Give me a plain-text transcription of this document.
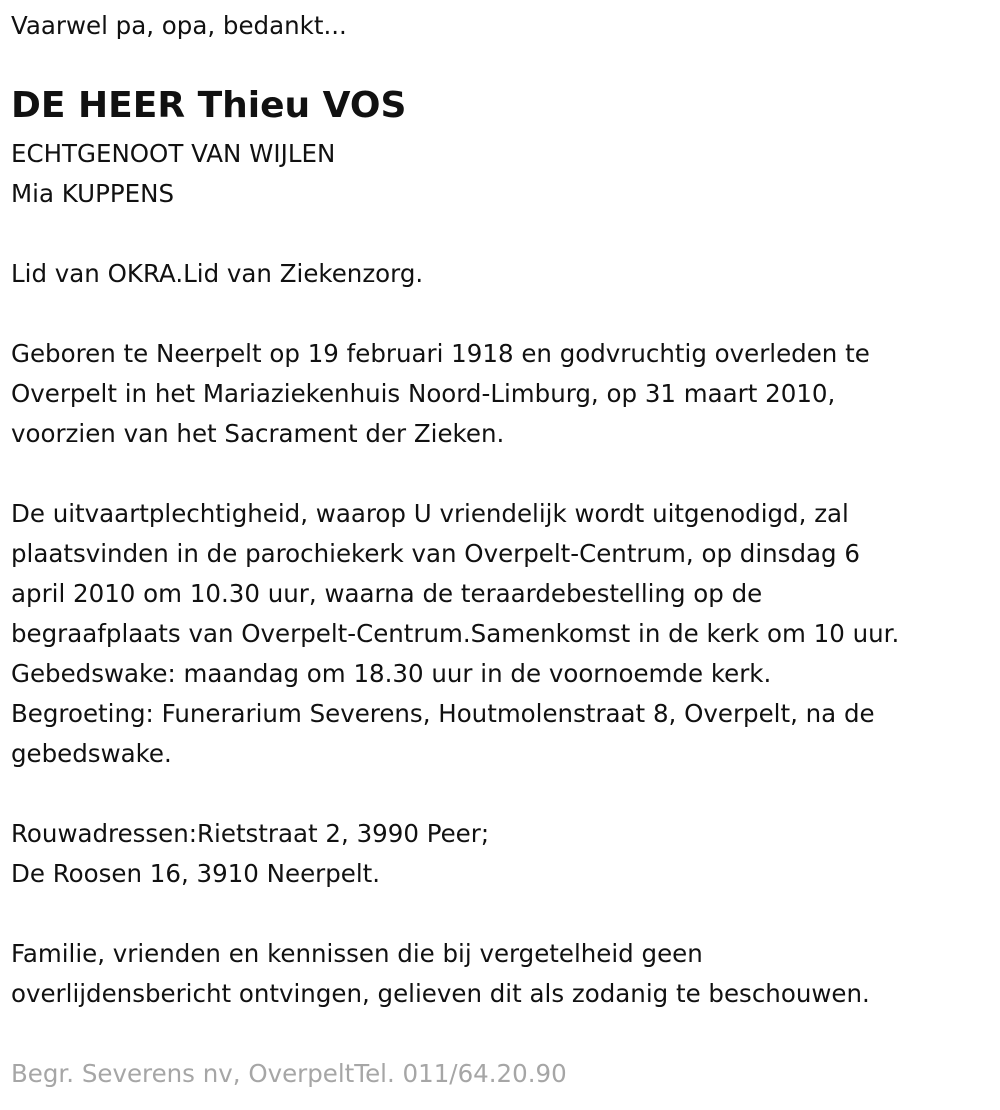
Vaarwel pa, opa, bedankt...
DE HEER Thieu VOS
ECHTGENOOT VAN WIJLEN
Mia KUPPENS
Lid van OKRA.Lid van Ziekenzorg.
Geboren te Neerpelt op 19 februari 1918 en godvruchtig overleden te
Overpelt in het Mariaziekenhuis Noord-Limburg, op 31 maart 2010,
voorzien van het Sacrament der Zieken.
De uitvaartplechtigheid, waarop U vriendelijk wordt uitgenodigd, zal
plaatsvinden in de parochiekerk van Overpelt-Centrum, op dinsdag 6
april 2010 om 10.30 uur, waarna de teraardebestelling op de
begraafplaats van Overpelt-Centrum.Samenkomst in de kerk om 10 uur.
Gebedswake: maandag om 18.30 uur in de voornoemde kerk.
Begroeting: Funerarium Severens, Houtmolenstraat 8, Overpelt, na de
gebedswake.
Rouwadressen:Rietstraat 2, 3990 Peer;
De Roosen 16, 3910 Neerpelt.
Familie, vrienden en kennissen die bij vergetelheid geen
overlijdensbericht ontvingen, gelieven dit als zodanig te beschouwen.
Begr. Severens nv, OverpeltTel. 011/64.20.90
